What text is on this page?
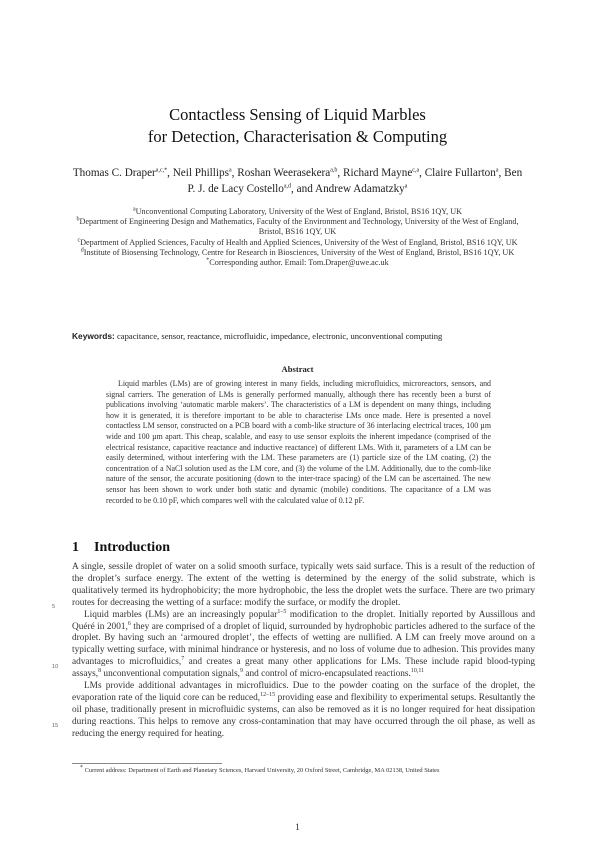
Contactless Sensing of Liquid Marbles
for Detection, Characterisation & Computing
Thomas C. Draper$^{a,c,*}$, Neil Phillips$^a$, Roshan Weerasekera$^{a,b}$, Richard Mayne$^{c,a}$, Claire Fullarton$^a$, Ben P. J. de Lacy Costello$^{a,d}$, and Andrew Adamatzky$^a$

$^a$Unconventional Computing Laboratory, University of the West of England, Bristol, BS16 1QY, UK

$^b$Department of Engineering Design and Mathematics, Faculty of the Environment and Technology, University of the West of England, Bristol, BS16 1QY, UK

$^c$Department of Applied Sciences, Faculty of Health and Applied Sciences, University of the West of England, Bristol, BS16 1QY, UK

$^d$Institute of Biosensing Technology, Centre for Research in Biosciences, University of the West of England, Bristol, BS16 1QY, UK

*Corresponding author. Email: Tom.Draper@uwe.ac.uk

Keywords: capacitance, sensor, reactance, microfluidic, impedance, electronic, unconventional computing
Abstract
Liquid marbles (LMs) are of growing interest in many fields, including microfluidics, microreactors, sensors, and signal carriers. The generation of LMs is generally performed manually, although there has recently been a burst of publications involving ‘automatic marble makers’. The characteristics of a LM is dependent on many things, including how it is generated, it is therefore important to be able to characterise LMs once made. Here is presented a novel contactless LM sensor, constructed on a PCB board with a comb-like structure of 36 interlacing electrical traces, 100 µm wide and 100 µm apart. This cheap, scalable, and easy to use sensor exploits the inherent impedance (comprised of the electrical resistance, capacitive reactance and inductive reactance) of different LMs. With it, parameters of a LM can be easily determined, without interfering with the LM. These parameters are (1) particle size of the LM coating, (2) the concentration of a NaCl solution used as the LM core, and (3) the volume of the LM. Additionally, due to the comb-like nature of the sensor, the accurate positioning (down to the inter-trace spacing) of the LM can be ascertained. The new sensor has been shown to work under both static and dynamic (mobile) conditions. The capacitance of a LM was recorded to be 0.10 pF, which compares well with the calculated value of 0.12 pF.
1 Introduction

A single, sessile droplet of water on a solid smooth surface, typically wets said surface. This is a result of the reduction of the droplet’s surface energy. The extent of the wetting is determined by the energy of the solid substrate, which is qualitatively termed its hydrophobicity; the more hydrophobic, the less the droplet wets the surface. There are two primary routes for decreasing the wetting of a surface: modify the surface, or modify the droplet.

Liquid marbles (LMs) are an increasingly popular$^{1-5}$ modification to the droplet. Initially reported by Aussillous and Quéré in 2001,$^6$ they are comprised of a droplet of liquid, surrounded by hydrophobic particles adhered to the surface of the droplet. By having such an ‘armoured droplet’, the effects of wetting are nullified. A LM can freely move around on a typically wetting surface, with minimal hindrance or hysteresis, and no loss of volume due to adhesion. This provides many advantages to microfluidics,$^7$ and creates a great many other applications for LMs. These include rapid blood-typing assays,$^8$ unconventional computation signals,$^9$ and control of micro-encapsulated reactions.$^{10,11}$

LMs provide additional advantages in microfluidics. Due to the powder coating on the surface of the droplet, the evaporation rate of the liquid core can be reduced,$^{12-15}$ providing ease and flexibility to experimental setups. Resultantly the oil phase, traditionally present in microfluidic systems, can also be removed as it is no longer required for heat dissipation during reactions. This helps to remove any cross-contamination that may have occurred through the oil phase, as well as reducing the energy required for heating.

5
10
15
* Current address: Department of Earth and Planetary Sciences, Harvard University, 20 Oxford Street, Cambridge, MA 02138, United States
1
